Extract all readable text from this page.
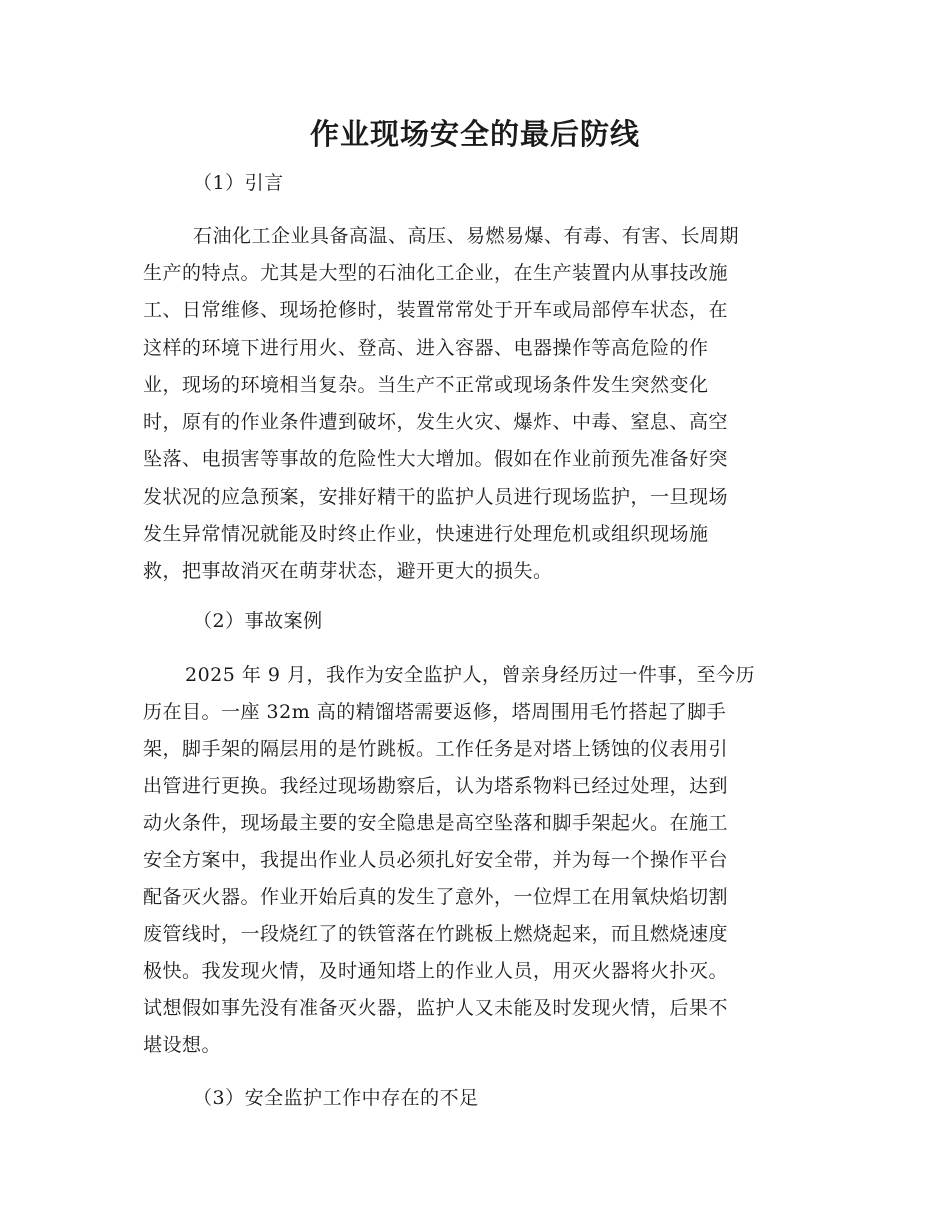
作业现场安全的最后防线
（1）引言
石油化工企业具备高温、高压、易燃易爆、有毒、有害、长周期
生产的特点。尤其是大型的石油化工企业，在生产装置内从事技改施
工、日常维修、现场抢修时，装置常常处于开车或局部停车状态，在
这样的环境下进行用火、登高、进入容器、电器操作等高危险的作
业，现场的环境相当复杂。当生产不正常或现场条件发生突然变化
时，原有的作业条件遭到破坏，发生火灾、爆炸、中毒、窒息、高空
坠落、电损害等事故的危险性大大增加。假如在作业前预先准备好突
发状况的应急预案，安排好精干的监护人员进行现场监护，一旦现场
发生异常情况就能及时终止作业，快速进行处理危机或组织现场施
救，把事故消灭在萌芽状态，避开更大的损失。
（2）事故案例
2025 年 9 月，我作为安全监护人，曾亲身经历过一件事，至今历
历在目。一座 32m 高的精馏塔需要返修，塔周围用毛竹搭起了脚手
架，脚手架的隔层用的是竹跳板。工作任务是对塔上锈蚀的仪表用引
出管进行更换。我经过现场勘察后，认为塔系物料已经过处理，达到
动火条件，现场最主要的安全隐患是高空坠落和脚手架起火。在施工
安全方案中，我提出作业人员必须扎好安全带，并为每一个操作平台
配备灭火器。作业开始后真的发生了意外，一位焊工在用氧炔焰切割
废管线时，一段烧红了的铁管落在竹跳板上燃烧起来，而且燃烧速度
极快。我发现火情，及时通知塔上的作业人员，用灭火器将火扑灭。
试想假如事先没有准备灭火器，监护人又未能及时发现火情，后果不
堪设想。
（3）安全监护工作中存在的不足
